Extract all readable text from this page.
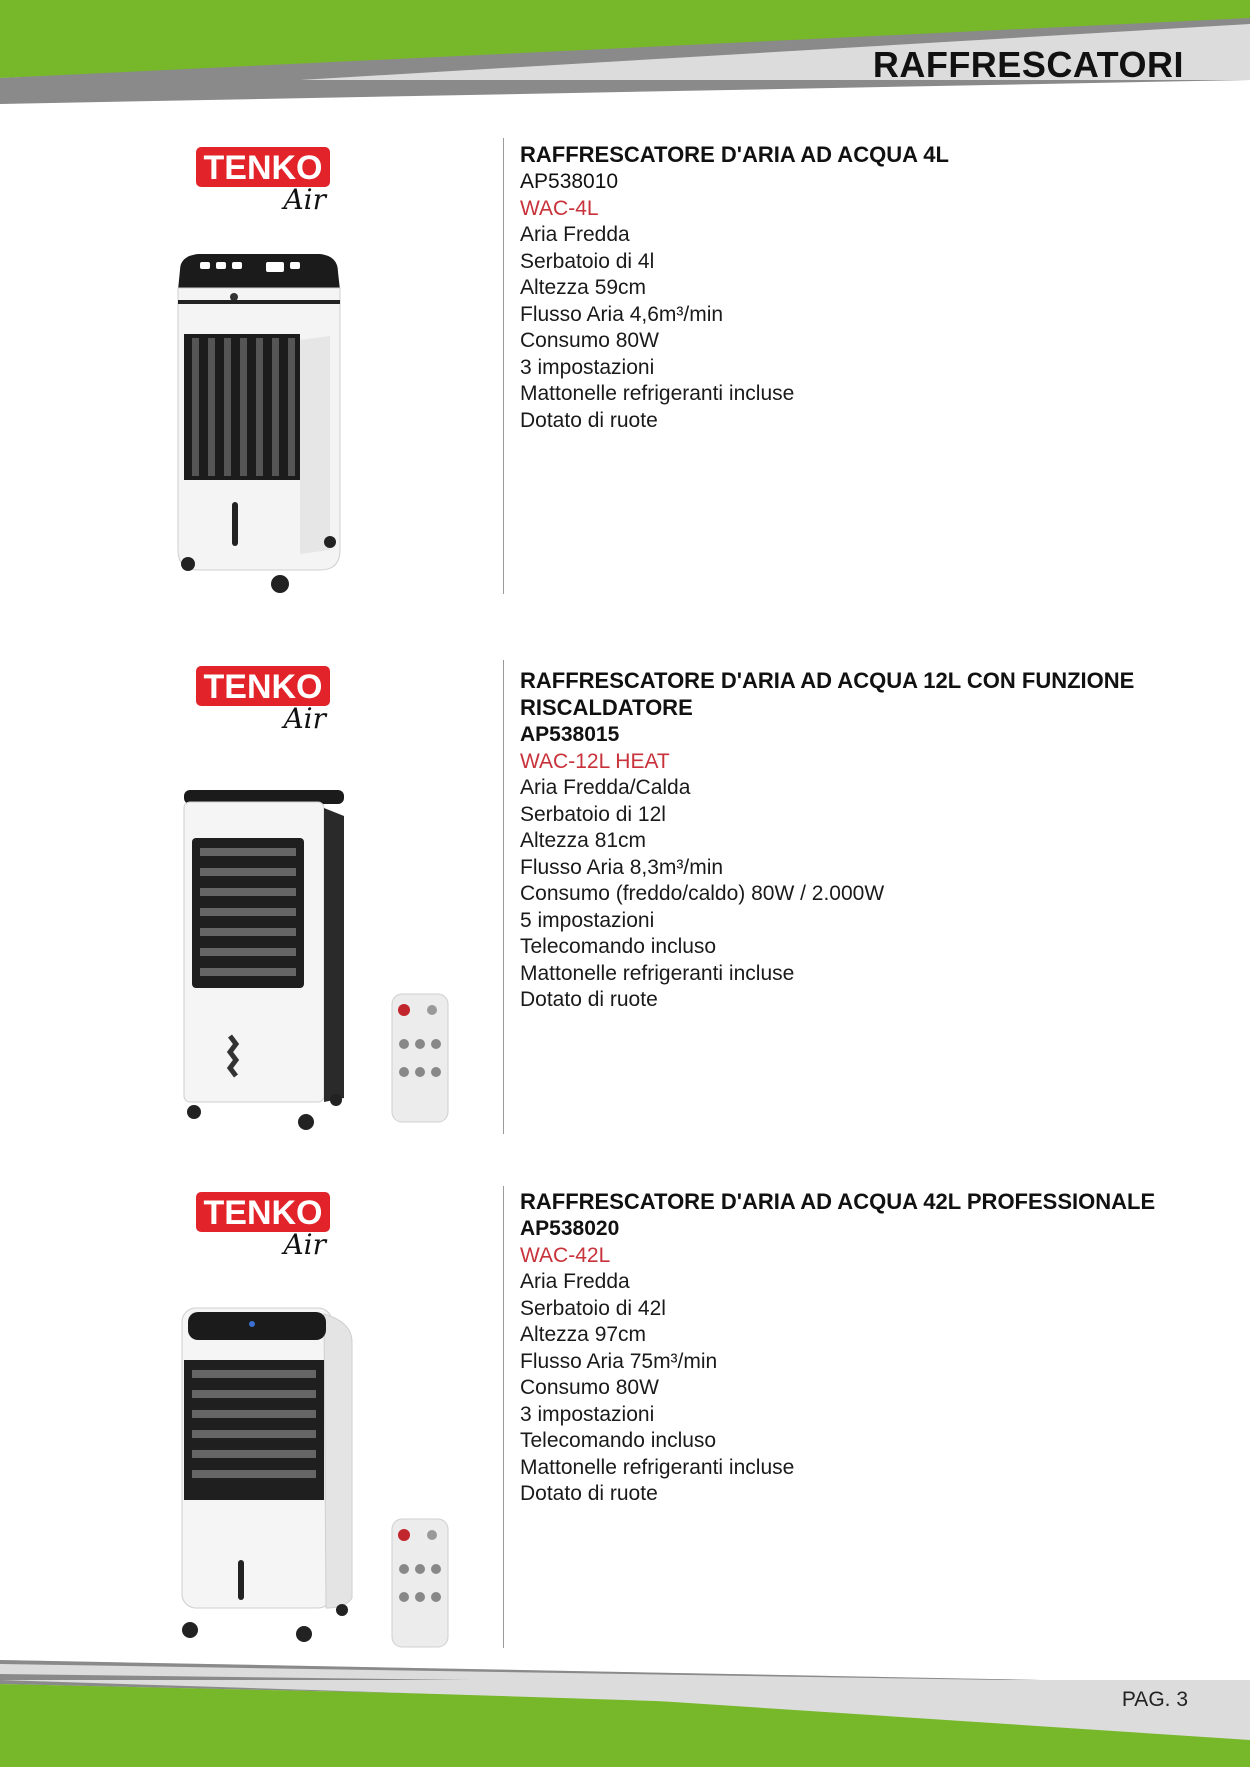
RAFFRESCATORI
TENKO
Air
RAFFRESCATORE D'ARIA AD ACQUA 4L
AP538010
WAC-4L
Aria Fredda
Serbatoio di 4l
Altezza 59cm
Flusso Aria 4,6m³/min
Consumo 80W
3 impostazioni
Mattonelle refrigeranti incluse
Dotato di ruote
TENKO
Air
RAFFRESCATORE D'ARIA AD ACQUA 12L CON FUNZIONE RISCALDATORE
AP538015
WAC-12L HEAT
Aria Fredda/Calda
Serbatoio di 12l
Altezza 81cm
Flusso Aria 8,3m³/min
Consumo (freddo/caldo) 80W / 2.000W
5 impostazioni
Telecomando incluso
Mattonelle refrigeranti incluse
Dotato di ruote
TENKO
Air
RAFFRESCATORE D'ARIA AD ACQUA 42L PROFESSIONALE
AP538020
WAC-42L
Aria Fredda
Serbatoio di 42l
Altezza 97cm
Flusso Aria 75m³/min
Consumo 80W
3 impostazioni
Telecomando incluso
Mattonelle refrigeranti incluse
Dotato di ruote
PAG. 3
